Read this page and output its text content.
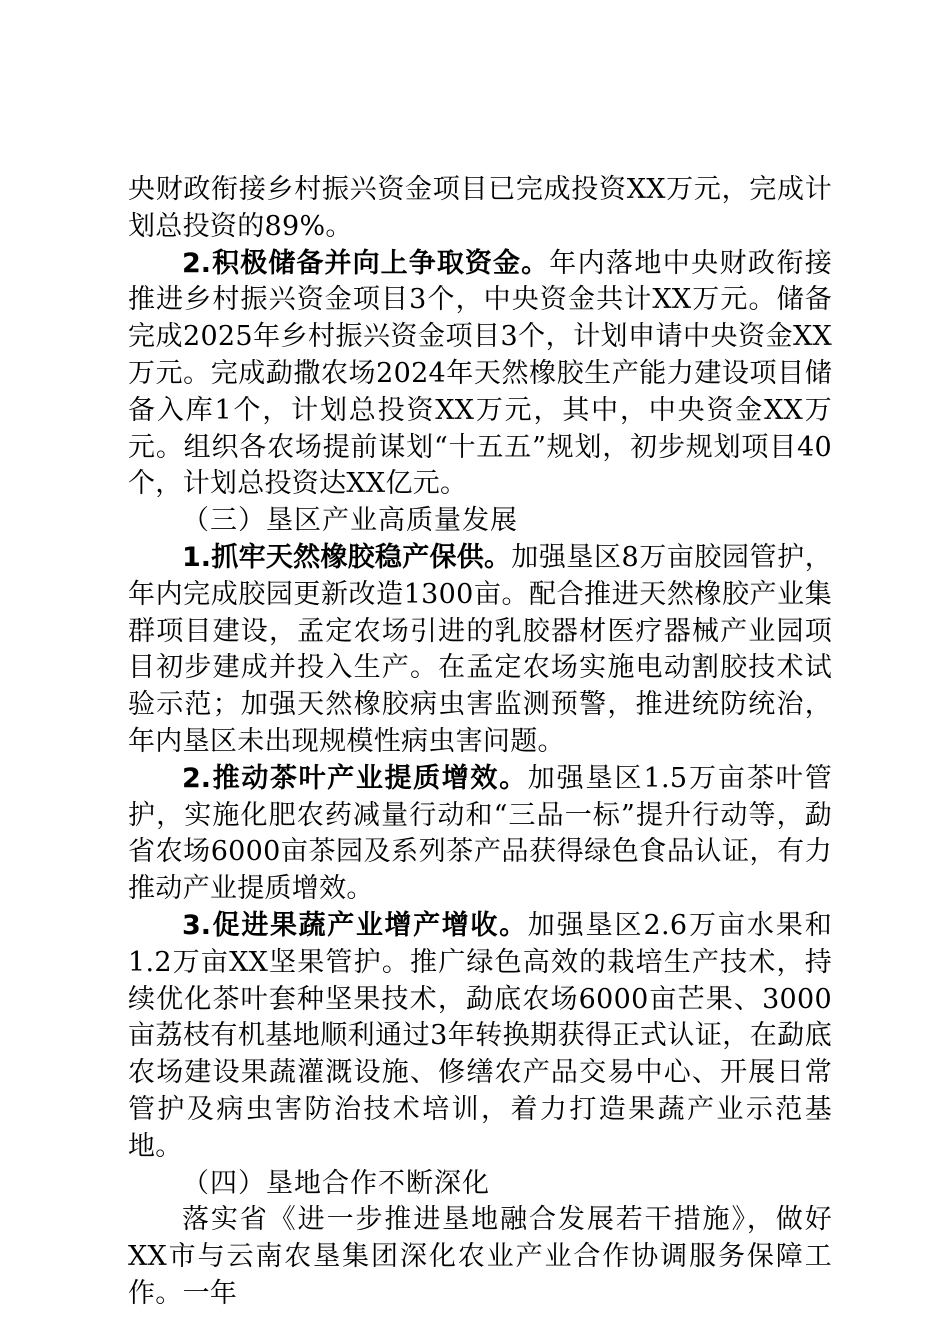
央财政衔接乡村振兴资金项目已完成投资XX万元，完成计划总投资的89%。

2.积极储备并向上争取资金。年内落地中央财政衔接推进乡村振兴资金项目3个，中央资金共计XX万元。储备完成2025年乡村振兴资金项目3个，计划申请中央资金XX万元。完成勐撒农场2024年天然橡胶生产能力建设项目储备入库1个，计划总投资XX万元，其中，中央资金XX万元。组织各农场提前谋划“十五五”规划，初步规划项目40个，计划总投资达XX亿元。

（三）垦区产业高质量发展

1.抓牢天然橡胶稳产保供。加强垦区8万亩胶园管护，年内完成胶园更新改造1300亩。配合推进天然橡胶产业集群项目建设，孟定农场引进的乳胶器材医疗器械产业园项目初步建成并投入生产。在孟定农场实施电动割胶技术试验示范；加强天然橡胶病虫害监测预警，推进统防统治，年内垦区未出现规模性病虫害问题。

2.推动茶叶产业提质增效。加强垦区1.5万亩茶叶管护，实施化肥农药减量行动和“三品一标”提升行动等，勐省农场6000亩茶园及系列茶产品获得绿色食品认证，有力推动产业提质增效。

3.促进果蔬产业增产增收。加强垦区2.6万亩水果和1.2万亩XX坚果管护。推广绿色高效的栽培生产技术，持续优化茶叶套种坚果技术，勐底农场6000亩芒果、3000亩荔枝有机基地顺利通过3年转换期获得正式认证，在勐底农场建设果蔬灌溉设施、修缮农产品交易中心、开展日常管护及病虫害防治技术培训，着力打造果蔬产业示范基地。

（四）垦地合作不断深化

落实省《进一步推进垦地融合发展若干措施》，做好XX市与云南农垦集团深化农业产业合作协调服务保障工作。一年
